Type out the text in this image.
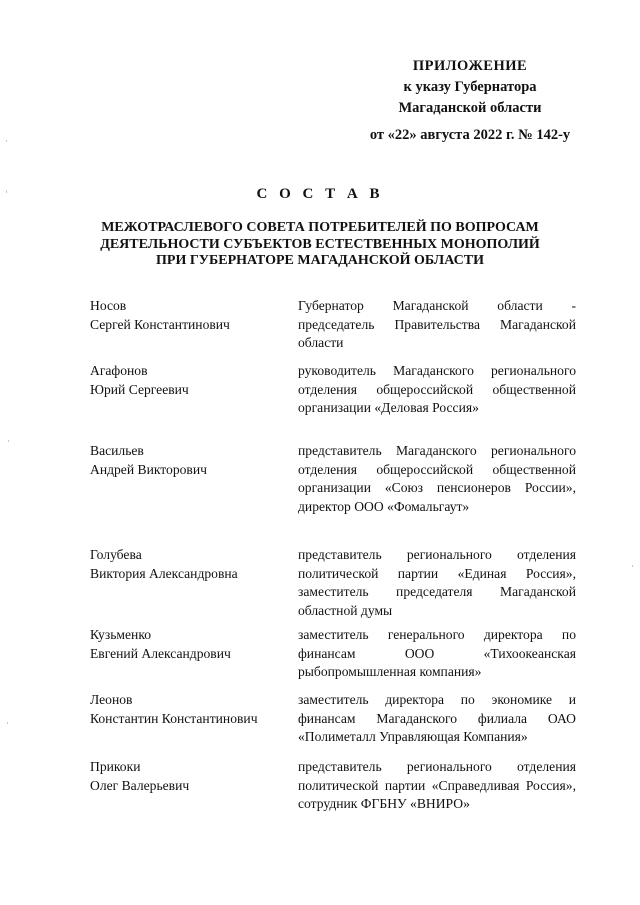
ПРИЛОЖЕНИЕ
к указу Губернатора
Магаданской области
от «22» августа 2022 г. № 142-у
С О С Т А В
МЕЖОТРАСЛЕВОГО СОВЕТА ПОТРЕБИТЕЛЕЙ ПО ВОПРОСАМ ДЕЯТЕЛЬНОСТИ СУБЪЕКТОВ ЕСТЕСТВЕННЫХ МОНОПОЛИЙ ПРИ ГУБЕРНАТОРЕ МАГАДАНСКОЙ ОБЛАСТИ
Носов
Сергей Константинович
Губернатор Магаданской области - председатель Правительства Магаданской области
Агафонов
Юрий Сергеевич
руководитель Магаданского регионального отделения общероссийской общественной организации «Деловая Россия»
Васильев
Андрей Викторович
представитель Магаданского регионального отделения общероссийской общественной организации «Союз пенсионеров России», директор ООО «Фомальгаут»
Голубева
Виктория Александровна
представитель регионального отделения политической партии «Единая Россия», заместитель председателя Магаданской областной думы
Кузьменко
Евгений Александрович
заместитель генерального директора по финансам ООО «Тихоокеанская рыбопромышленная компания»
Леонов
Константин Константинович
заместитель директора по экономике и финансам Магаданского филиала ОАО «Полиметалл Управляющая Компания»
Прикоки
Олег Валерьевич
представитель регионального отделения политической партии «Справедливая Россия», сотрудник ФГБНУ «ВНИРО»
